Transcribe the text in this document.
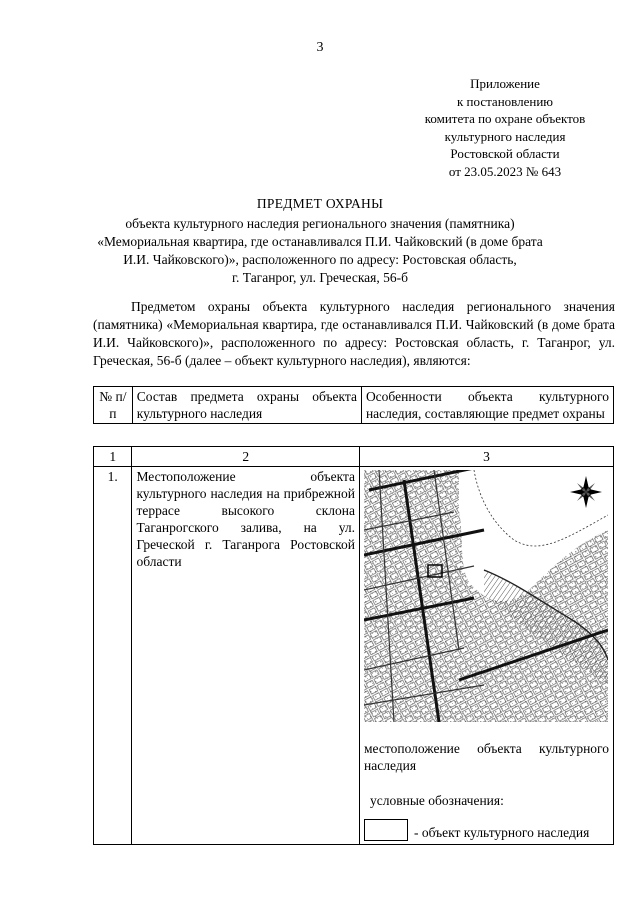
3
Приложение
к постановлению
комитета по охране объектов
культурного наследия
Ростовской области
от 23.05.2023 № 643
ПРЕДМЕТ ОХРАНЫ
объекта культурного наследия регионального значения (памятника)
«Мемориальная квартира, где останавливался П.И. Чайковский (в доме брата
И.И. Чайковского)», расположенного по адресу: Ростовская область,
г. Таганрог, ул. Греческая, 56-б
Предметом охраны объекта культурного наследия регионального значения (памятника) «Мемориальная квартира, где останавливался П.И. Чайковский (в доме брата И.И. Чайковского)», расположенного по адресу: Ростовская область, г. Таганрог, ул. Греческая, 56-б (далее – объект культурного наследия), являются:
№ п/п	Состав предмета охраны объекта культурного наследия	Особенности объекта культурного наследия, составляющие предмет охраны
1	2	3
1.	Местоположение объекта культурного наследия на прибрежной террасе высокого склона Таганрогского залива, на ул. Греческой г. Таганрога Ростовской области	местоположение объекта культурного наследия
условные обозначения:
- объект культурного наследия
